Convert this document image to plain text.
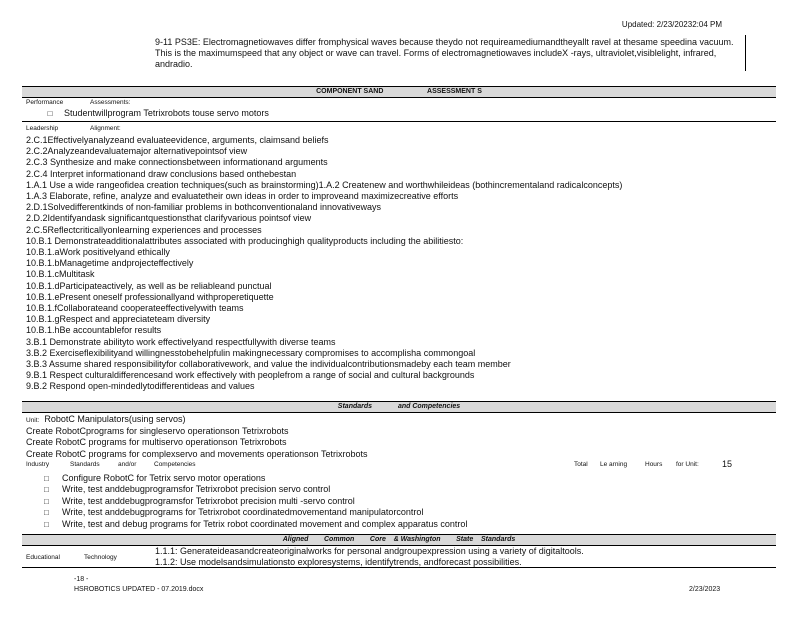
Updated: 2/23/20232:04 PM
9-11 PS3E: Electromagnetiowaves differ fromphysical waves because theydo not requireamediumandtheyallt ravel at thesame speedina vacuum. This is the maximumspeed that any object or wave can travel. Forms of electromagnetiowaves includeX -rays, ultraviolet,visiblelight, infrared, andradio.
COMPONENT SAND	ASSESSMENT S
Performance	Assessments:
□ Studentwillprogram Tetrixrobots touse servo motors
Leadership	Alignment:
2.C.1Effectivelyanalyzeand evaluateevidence, arguments, claimsand beliefs
2.C.2Analyzeandevaluatemajor alternativepointsof view
2.C.3 Synthesize and make connectionsbetween informationand arguments
2.C.4 Interpret informationand draw conclusions based onthebestan
1.A.1 Use a wide rangeofidea creation techniques(such as brainstorming)1.A.2 Createnew and worthwhileideas (bothincrementaland radicalconcepts)
1.A.3 Elaborate, refine, analyze and evaluatetheir own ideas in order to improveand maximizecreative efforts
2.D.1Solvedifferentkinds of non-familiar problems in bothconventionaland innovativeways
2.D.2Identifyandask significantquestionsthat clarifyvarious pointsof view
2.C.5Reflectcriticallyonlearning experiences and processes
10.B.1 Demonstrateadditionalattributes associated with producinghigh qualityproducts including the abilitiesto:
10.B.1.aWork positivelyand ethically
10.B.1.bManagetime andprojecteffectively
10.B.1.cMultitask
10.B.1.dParticipateactively, as well as be reliableand punctual
10.B.1.ePresent oneself professionallyand withproperetiquette
10.B.1.fCollaborateand cooperateeffectivelywith teams
10.B.1.gRespect and appreciateteam diversity
10.B.1.hBe accountablefor results
3.B.1 Demonstrate abilityto work effectivelyand respectfullywith diverse teams
3.B.2 Exerciseflexibilityand willingnesstobehelpfulin makingnecessary compromises to accomplisha commongoal
3.B.3 Assume shared responsibilityfor collaborativework, and value the individualcontributionsmadeby each team member
9.B.1 Respect culturaldifferencesand work effectively with peoplefrom a range of social and cultural backgrounds
9.B.2 Respond open-mindedlytodifferentideas and values
Standards	and Competencies
Unit: RobotC Manipulators(using servos)
Create RobotCprograms for singleservo operationson Tetrixrobots
Create RobotC programs for multiservo operationson Tetrixrobots
Create RobotC programs for complexservo and movements operationson Tetrixrobots
Industry	Standards	and/or	Competencies	Total Le arning	Hours for Unit:	15
□ Configure RobotC for Tetrix servo motor operations
□ Write, test anddebugprogramsfor Tetrixrobot precision servo control
□ Write, test anddebugprogramsfor Tetrixrobot precision multi -servo control
□ Write, test anddebugprograms for Tetrixrobot coordinatedmovementand manipulatorcontrol
□ Write, test and debug programs for Tetrix robot coordinated movement and complex apparatus control
Aligned Common Core & Washington State Standards
Educational	Technology
1.1.1: Generateideasandcreateoriginalworks for personal andgroupexpression using a variety of digitaltools.
1.1.2: Use modelsandsimulationsto exploresystems, identifytrends, andforecast possibilities.
-18 -
HSROBOTICS UPDATED - 07.2019.docx	2/23/2023
